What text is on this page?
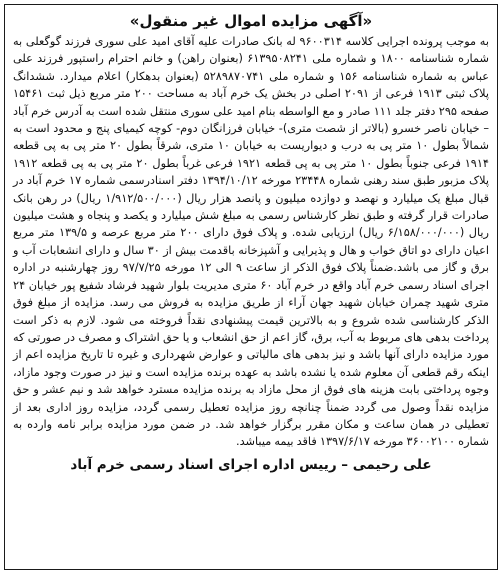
«آگهی مزایده اموال غیر منقول»

به موجب پرونده اجرایی کلاسه ۹۶۰۰۳۱۴ له بانک صادرات علیه آقای امید علی سوری فرزند گوگعلی به شماره شناسنامه ۱۸۰۰ و شماره ملی ۶۱۳۹۵۰۸۲۴۱ (بعنوان راهن) و خانم احترام راستپور فرزند علی عباس به شماره شناسنامه ۱۵۶ و شماره ملی ۵۲۸۹۸۷۰۷۴۱ (بعنوان بدهکار) اعلام میدارد. ششدانگ پلاک ثبتی ۱۹۱۳ فرعی از ۲۰۹۱ اصلی در بخش یک خرم آباد به مساحت ۲۰۰ متر مربع ذیل ثبت ۱۵۴۶۱ صفحه ۲۹۵ دفتر جلد ۱۱۱ صادر و مع الواسطه بنام امید علی سوری منتقل شده است به آدرس خرم آباد – خیابان ناصر خسرو (بالاتر از شصت متری)- خیابان فرزانگان دوم- کوچه کیمیای پنج و محدود است به شمالاً بطول ۱۰ متر پی به درب و دیواریست به خیابان ۱۰ متری، شرقاً بطول ۲۰ متر پی به پی قطعه ۱۹۱۴ فرعی جنوباً بطول ۱۰ متر پی به پی قطعه ۱۹۲۱ فرعی غرباً بطول ۲۰ متر پی به پی قطعه ۱۹۱۲ پلاک مزبور طبق سند رهنی شماره ۲۳۴۴۸ مورخه ۱۳۹۴/۱۰/۱۲ دفتر اسنادرسمی شماره ۱۷ خرم آباد در قبال مبلغ یک میلیارد و نهصد و دوازده میلیون و پانصد هزار ریال (۱/۹۱۲/۵۰۰/۰۰۰ ریال) در رهن بانک صادرات قرار گرفته و طبق نظر کارشناس رسمی به مبلغ شش میلیارد و یکصد و پنجاه و هشت میلیون ریال (۶/۱۵۸/۰۰۰/۰۰۰ ریال) ارزیابی شده. و پلاک فوق دارای ۲۰۰ متر مربع عرصه و ۱۳۹/۵ متر مربع اعیان دارای دو اتاق خواب و هال و پذیرایی و آشپزخانه باقدمت بیش از ۳۰ سال و دارای انشعابات آب و برق و گاز می باشد.ضمناً پلاک فوق الذکر از ساعت ۹ الی ۱۲ مورخه ۹۷/۷/۲۵ روز چهارشنبه در اداره اجرای اسناد رسمی خرم آباد واقع در خرم آباد ۶۰ متری مدیریت بلوار شهید فرشاد شفیع پور خیابان ۲۴ متری شهید چمران خیابان شهید جهان آراء از طریق مزایده به فروش می رسد. مزایده از مبلغ فوق الذکر کارشناسی شده شروع و به بالاترین قیمت پیشنهادی نقداً فروخته می شود. لازم به ذکر است پرداخت بدهی های مربوط به آب، برق، گاز اعم از حق انشعاب و یا حق اشتراک و مصرف در صورتی که مورد مزایده دارای آنها باشد و نیز بدهی های مالیاتی و عوارض شهرداری و غیره تا تاریخ مزایده اعم از اینکه رقم قطعی آن معلوم شده یا نشده باشد به عهده برنده مزایده است و نیز در صورت وجود مازاد، وجوه پرداختی بابت هزینه های فوق از محل مازاد به برنده مزایده مسترد خواهد شد و نیم عشر و حق مزایده نقداً وصول می گردد ضمناً چنانچه روز مزایده تعطیل رسمی گردد، مزایده روز اداری بعد از تعطیلی در همان ساعت و مکان مقرر برگزار خواهد شد. در ضمن مورد مزایده برابر نامه وارده به شماره ۳۶۰۰۲۱۰۰ مورخه ۱۳۹۷/۶/۱۷ فاقد بیمه میباشد.

علی رحیمی – رییس اداره اجرای اسناد رسمی خرم آباد
